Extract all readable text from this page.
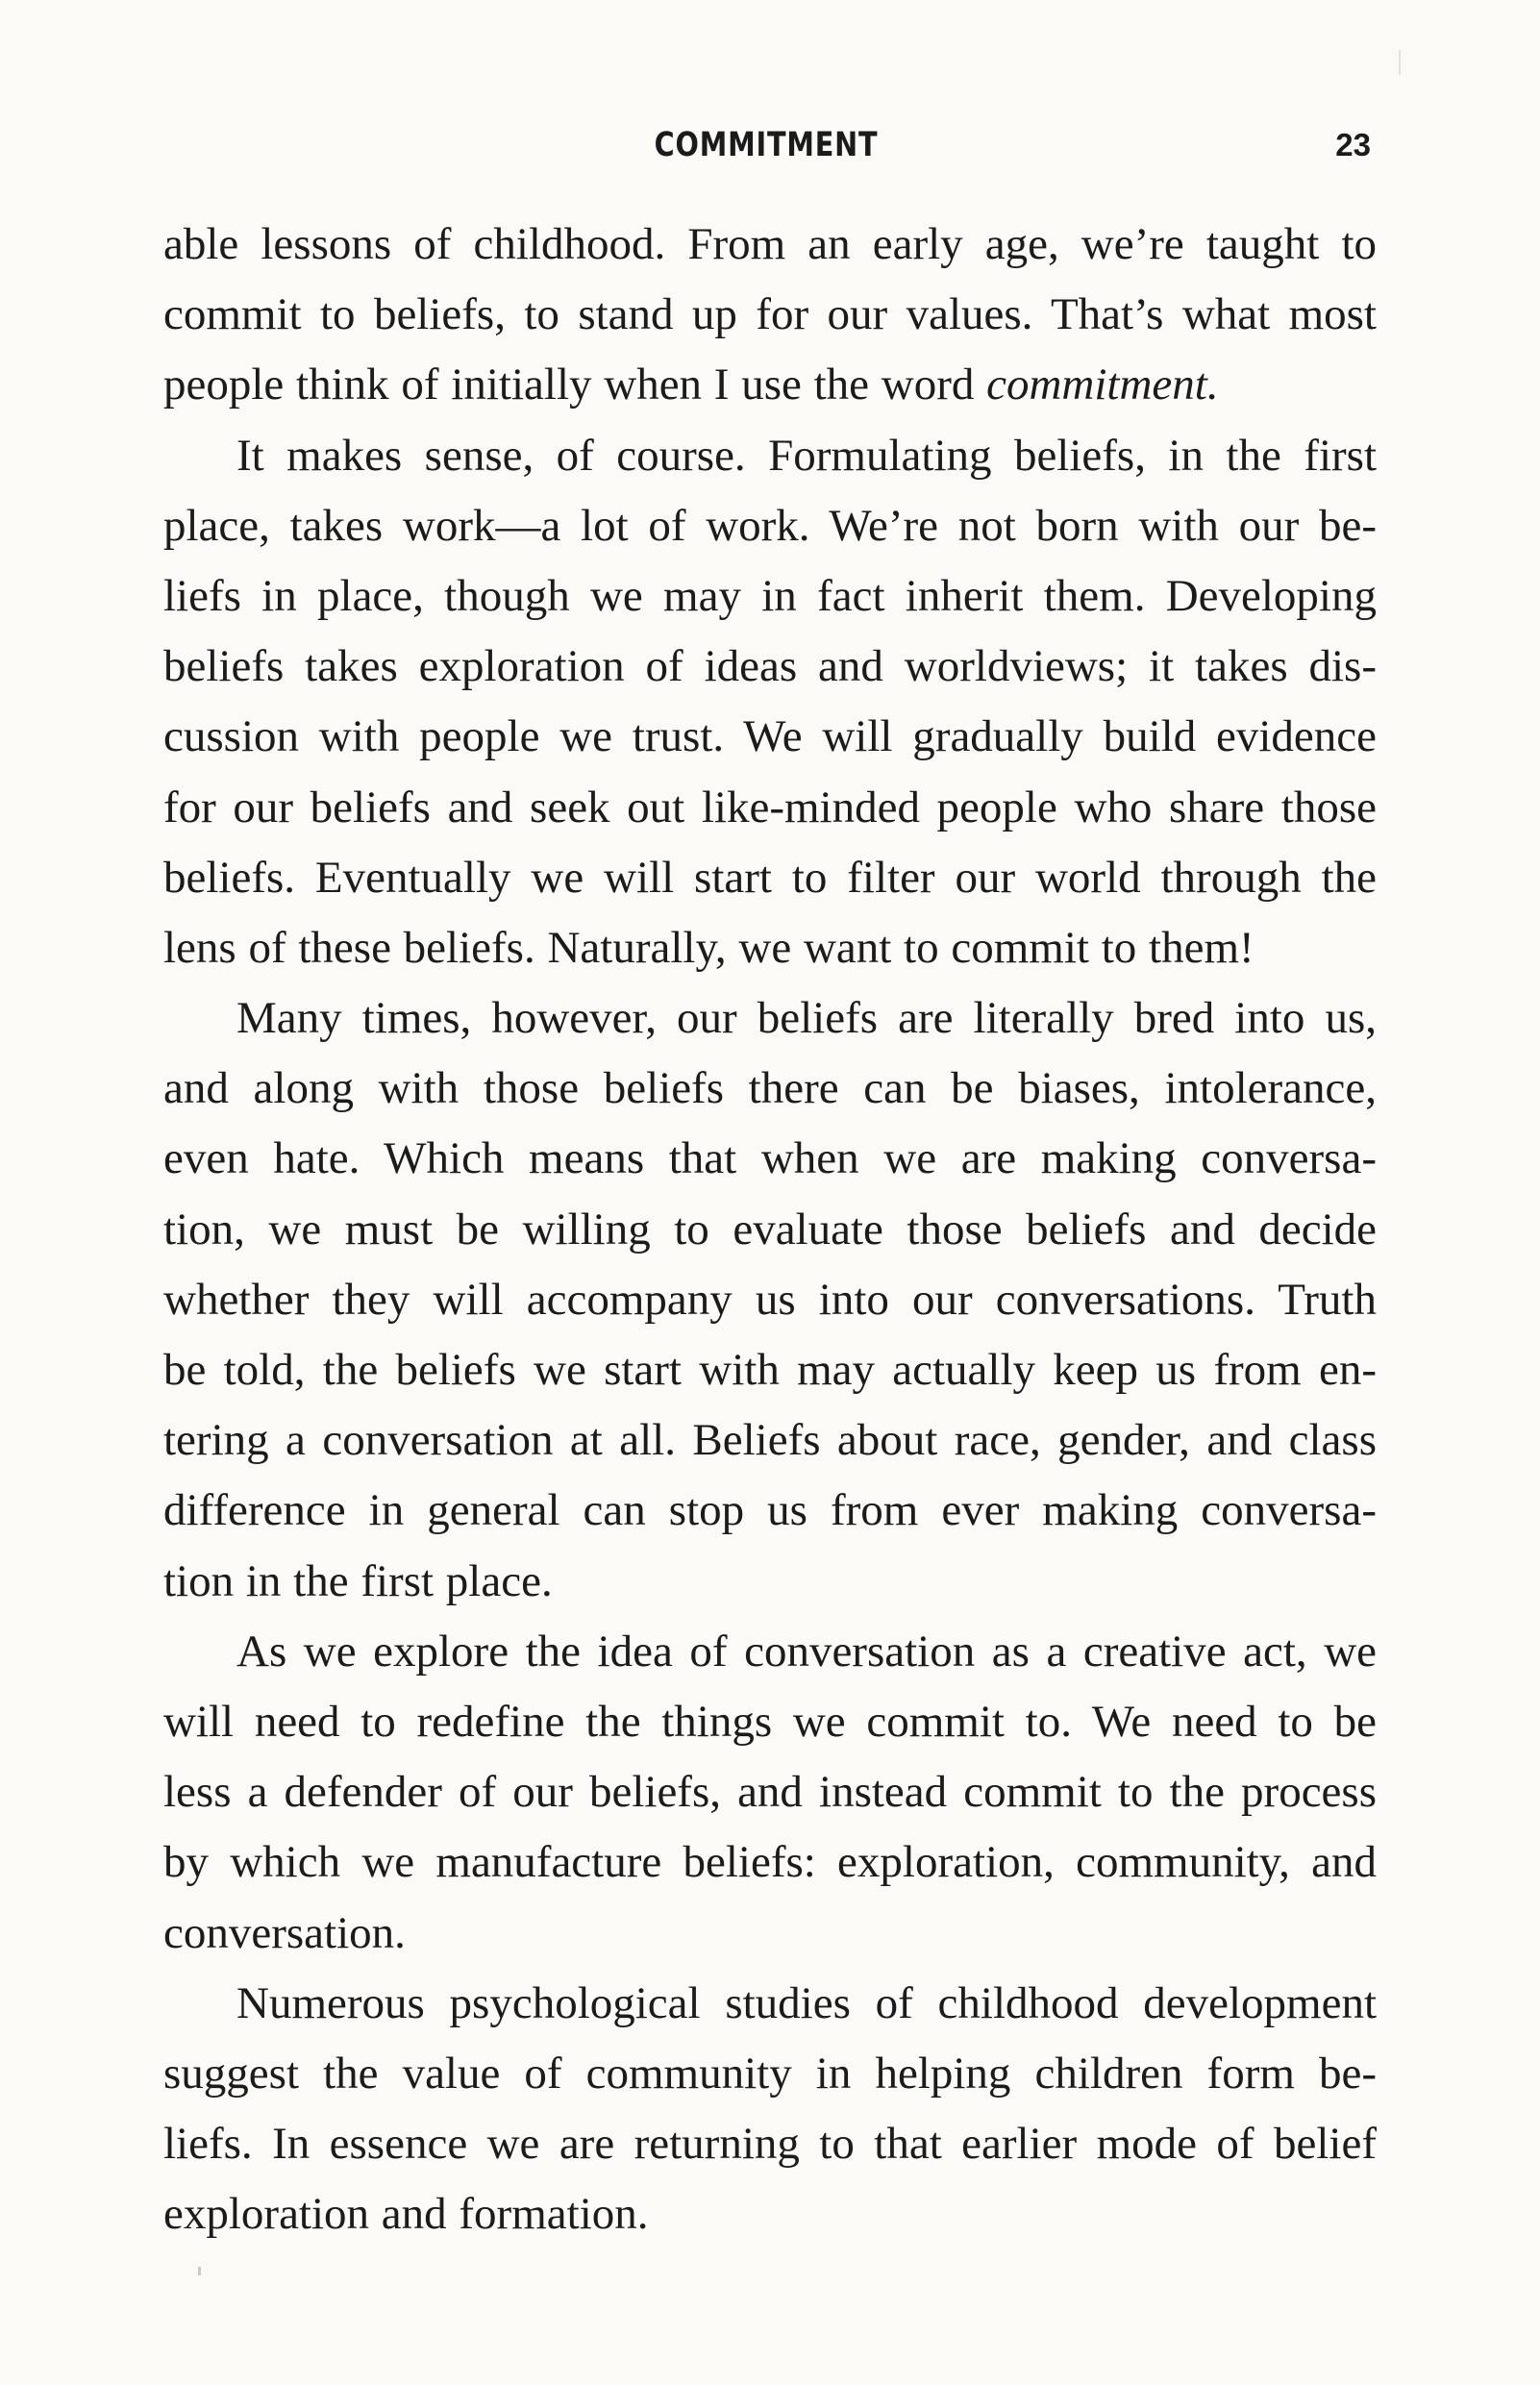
COMMITMENT	23
able lessons of childhood. From an early age, we’re taught to
commit to beliefs, to stand up for our values. That’s what most
people think of initially when I use the word commitment.
It makes sense, of course. Formulating beliefs, in the first
place, takes work—a lot of work. We’re not born with our be-
liefs in place, though we may in fact inherit them. Developing
beliefs takes exploration of ideas and worldviews; it takes dis-
cussion with people we trust. We will gradually build evidence
for our beliefs and seek out like-minded people who share those
beliefs. Eventually we will start to filter our world through the
lens of these beliefs. Naturally, we want to commit to them!
Many times, however, our beliefs are literally bred into us,
and along with those beliefs there can be biases, intolerance,
even hate. Which means that when we are making conversa-
tion, we must be willing to evaluate those beliefs and decide
whether they will accompany us into our conversations. Truth
be told, the beliefs we start with may actually keep us from en-
tering a conversation at all. Beliefs about race, gender, and class
difference in general can stop us from ever making conversa-
tion in the first place.
As we explore the idea of conversation as a creative act, we
will need to redefine the things we commit to. We need to be
less a defender of our beliefs, and instead commit to the process
by which we manufacture beliefs: exploration, community, and
conversation.
Numerous psychological studies of childhood development
suggest the value of community in helping children form be-
liefs. In essence we are returning to that earlier mode of belief
exploration and formation.
